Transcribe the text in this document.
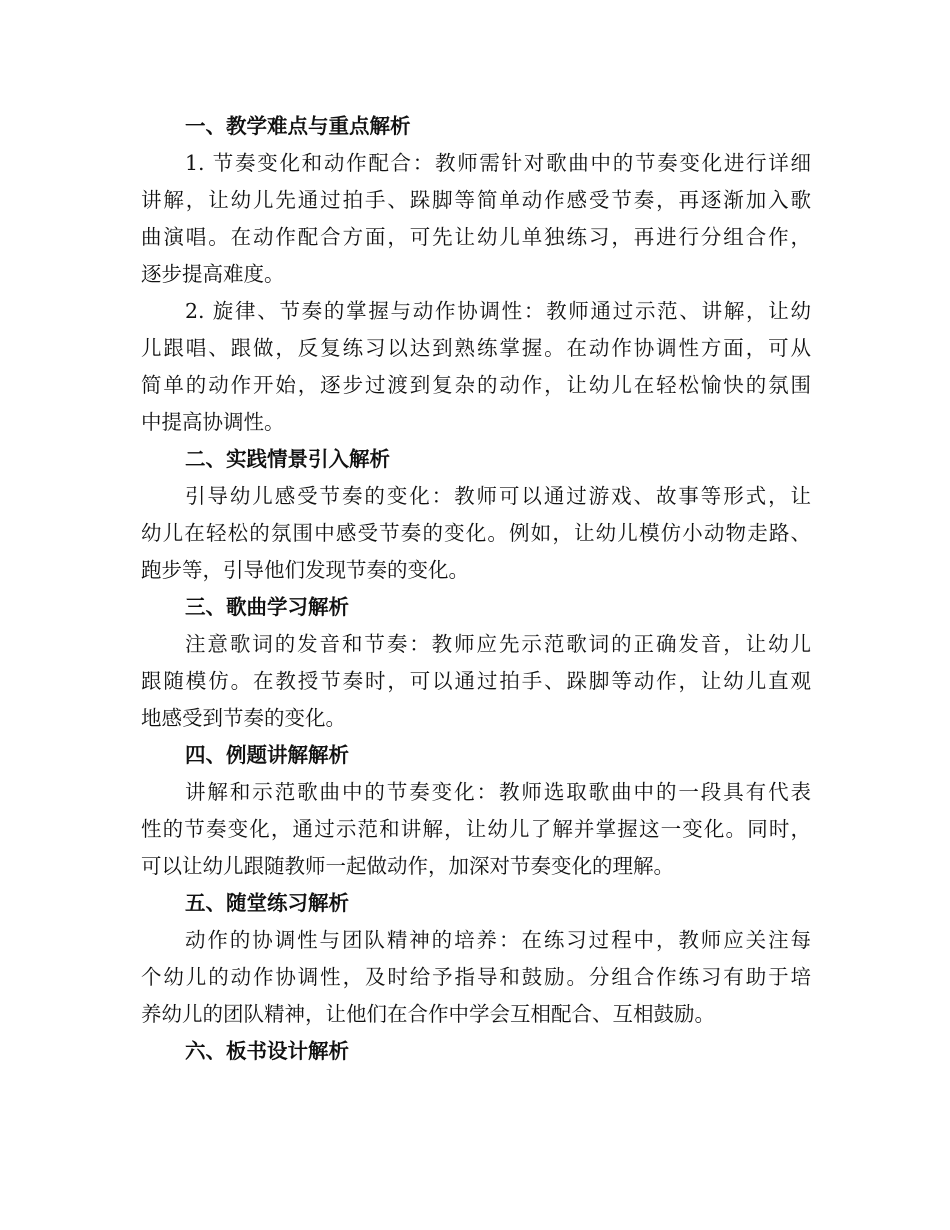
一、教学难点与重点解析
1. 节奏变化和动作配合：教师需针对歌曲中的节奏变化进行详细
讲解，让幼儿先通过拍手、跺脚等简单动作感受节奏，再逐渐加入歌
曲演唱。在动作配合方面，可先让幼儿单独练习，再进行分组合作，
逐步提高难度。
2. 旋律、节奏的掌握与动作协调性：教师通过示范、讲解，让幼
儿跟唱、跟做，反复练习以达到熟练掌握。在动作协调性方面，可从
简单的动作开始，逐步过渡到复杂的动作，让幼儿在轻松愉快的氛围
中提高协调性。
二、实践情景引入解析
引导幼儿感受节奏的变化：教师可以通过游戏、故事等形式，让
幼儿在轻松的氛围中感受节奏的变化。例如，让幼儿模仿小动物走路、
跑步等，引导他们发现节奏的变化。
三、歌曲学习解析
注意歌词的发音和节奏：教师应先示范歌词的正确发音，让幼儿
跟随模仿。在教授节奏时，可以通过拍手、跺脚等动作，让幼儿直观
地感受到节奏的变化。
四、例题讲解解析
讲解和示范歌曲中的节奏变化：教师选取歌曲中的一段具有代表
性的节奏变化，通过示范和讲解，让幼儿了解并掌握这一变化。同时，
可以让幼儿跟随教师一起做动作，加深对节奏变化的理解。
五、随堂练习解析
动作的协调性与团队精神的培养：在练习过程中，教师应关注每
个幼儿的动作协调性，及时给予指导和鼓励。分组合作练习有助于培
养幼儿的团队精神，让他们在合作中学会互相配合、互相鼓励。
六、板书设计解析
